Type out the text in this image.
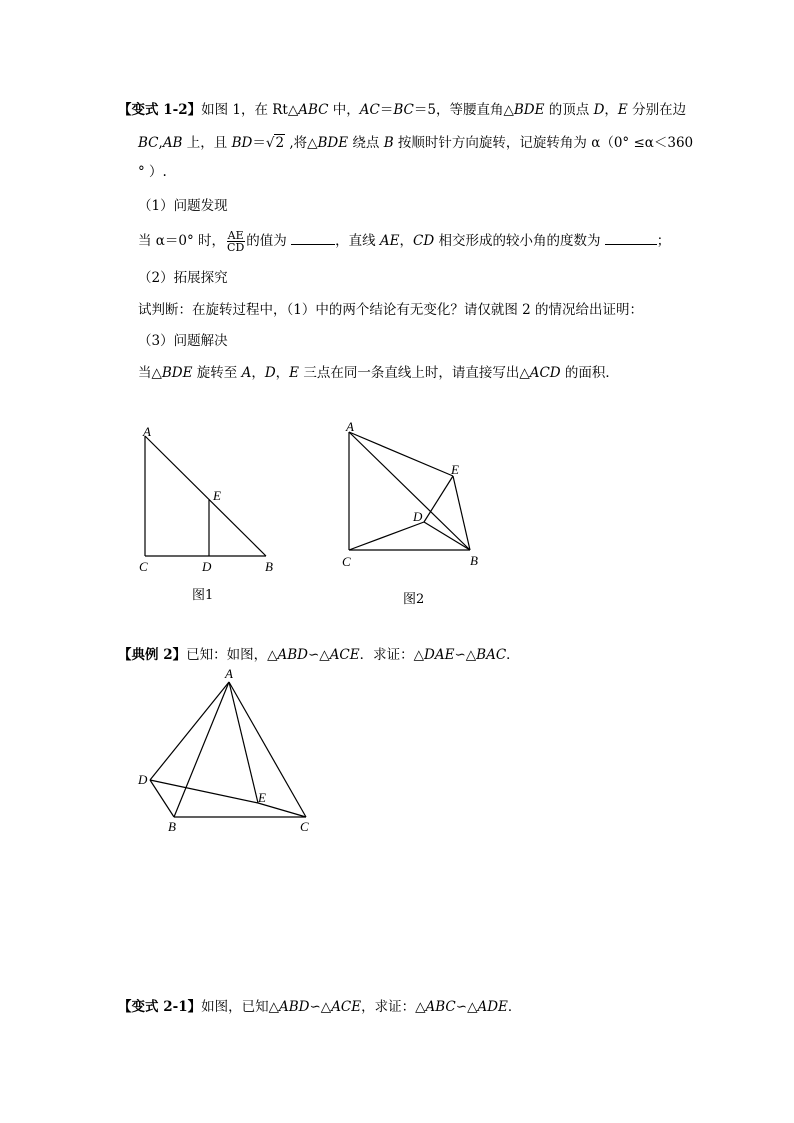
【变式 1-2】如图 1，在 Rt△ABC 中，AC＝BC＝5，等腰直角△BDE 的顶点 D，E 分别在边
BC,AB 上，且 BD＝√2 ,将△BDE 绕点 B 按顺时针方向旋转，记旋转角为 α（0° ≤α＜360
° ）.
（1）问题发现
当 α＝0° 时， $\frac{AE}{CD}$ 的值为	，直线 AE，CD 相交形成的较小角的度数为	；
（2）拓展探究
试判断：在旋转过程中，（1）中的两个结论有无变化？请仅就图 2 的情况给出证明：
（3）问题解决
当△BDE 旋转至 A，D，E 三点在同一条直线上时，请直接写出△ACD 的面积．
A
E
C	D	B
A
E
D
C	B
A
D
E
B	C
图1	图2
【典例 2】已知：如图，△ABD∽△ACE．求证：△DAE∽△BAC．
【变式 2-1】如图，已知△ABD∽△ACE，求证：△ABC∽△ADE．
